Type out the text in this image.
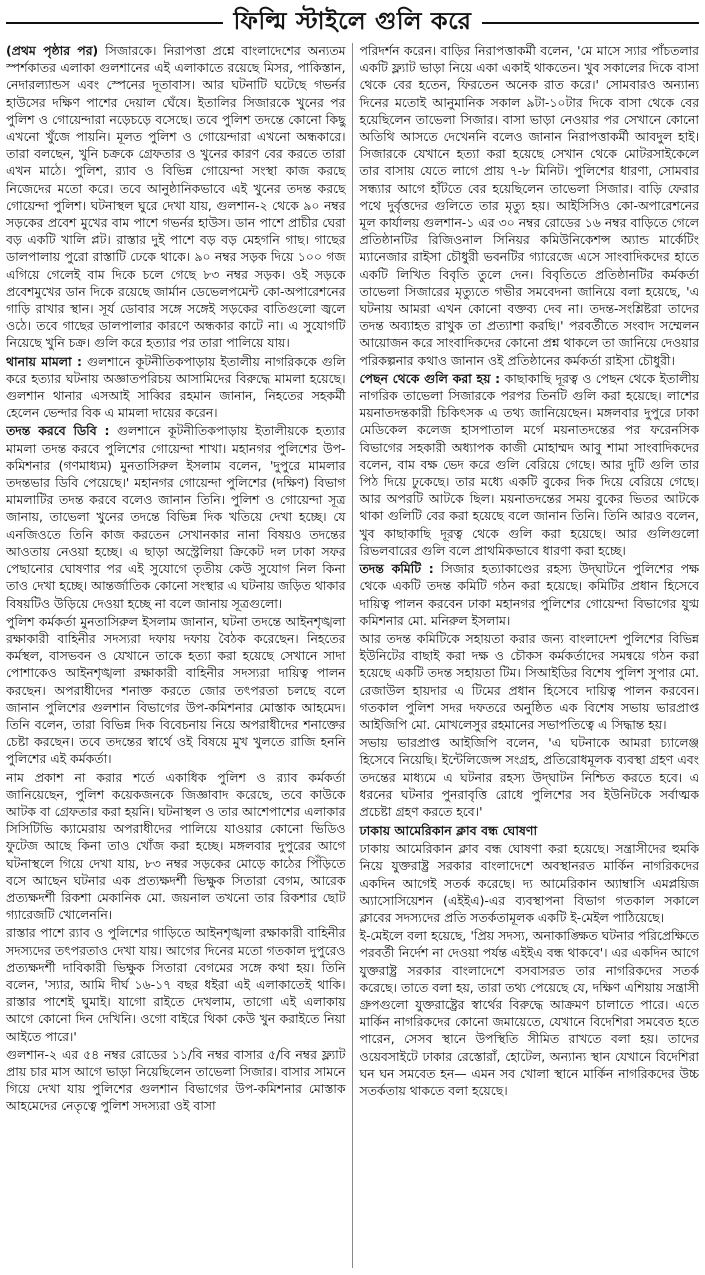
ফিল্মি স্টাইলে গুলি করে

(প্রথম পৃষ্ঠার পর) সিজারকে। নিরাপত্তা প্রশ্নে বাংলাদেশের অন্যতম স্পর্শকাতর এলাকা গুলশানের এই এলাকাতে রয়েছে মিসর, পাকিস্তান, নেদারল্যান্ডস এবং স্পেনের দূতাবাস। আর ঘটনাটি ঘটেছে গভর্নর হাউসের দক্ষিণ পাশের দেয়াল ঘেঁষে। ইতালির সিজারকে খুনের পর পুলিশ ও গোয়েন্দারা নড়েচড়ে বসেছে। তবে পুলিশ তদন্তে কোনো কিছু এখনো খুঁজে পায়নি। মূলত পুলিশ ও গোয়েন্দারা এখনো অন্ধকারে। তারা বলছেন, খুনি চক্রকে গ্রেফতার ও খুনের কারণ বের করতে তারা এখন মাঠে। পুলিশ, র‍্যাব ও বিভিন্ন গোয়েন্দা সংস্থা কাজ করছে নিজেদের মতো করে। তবে আনুষ্ঠানিকভাবে এই খুনের তদন্ত করছে গোয়েন্দা পুলিশ। ঘটনাস্থল ঘুরে দেখা যায়, গুলশান-২ থেকে ৯০ নম্বর সড়কের প্রবেশ মুখের বাম পাশে গভর্নর হাউস। ডান পাশে প্রাচীর ঘেরা বড় একটি খালি প্লট। রাস্তার দুই পাশে বড় বড় মেহগনি গাছ। গাছের ডালপালায় পুরো রাস্তাটি ঢেকে থাকে। ৯০ নম্বর সড়ক দিয়ে ১০০ গজ এগিয়ে গেলেই বাম দিকে চলে গেছে ৮৩ নম্বর সড়ক। ওই সড়কে প্রবেশমুখের ডান দিকে রয়েছে জার্মান ডেভেলপমেন্ট কো-অপারেশনের গাড়ি রাখার স্থান। সূর্য ডোবার সঙ্গে সঙ্গেই সড়কের বাতিগুলো জ্বলে ওঠে। তবে গাছের ডালপালার কারণে অন্ধকার কাটে না। এ সুযোগটি নিয়েছে খুনি চক্র। গুলি করে হত্যার পর তারা পালিয়ে যায়।

থানায় মামলা : গুলশানে কূটনীতিকপাড়ায় ইতালীয় নাগরিককে গুলি করে হত্যার ঘটনায় অজ্ঞাতপরিচয় আসামিদের বিরুদ্ধে মামলা হয়েছে। গুলশান থানার এসআই সাব্বির রহমান জানান, নিহতের সহকর্মী হেলেন ভেন্দার বিক এ মামলা দায়ের করেন।

তদন্ত করবে ডিবি : গুলশানে কূটনীতিকপাড়ায় ইতালীয়কে হত্যার মামলা তদন্ত করবে পুলিশের গোয়েন্দা শাখা। মহানগর পুলিশের উপ-কমিশনার (গণমাধ্যম) মুনতাসিরুল ইসলাম বলেন, 'দুপুরে মামলার তদন্তভার ডিবি পেয়েছে।' মহানগর গোয়েন্দা পুলিশের (দক্ষিণ) বিভাগ মামলাটির তদন্ত করবে বলেও জানান তিনি। পুলিশ ও গোয়েন্দা সূত্র জানায়, তাভেলা খুনের তদন্তে বিভিন্ন দিক খতিয়ে দেখা হচ্ছে। যে এনজিওতে তিনি কাজ করতেন সেখানকার নানা বিষয়ও তদন্তের আওতায় নেওয়া হচ্ছে। এ ছাড়া অস্ট্রেলিয়া ক্রিকেট দল ঢাকা সফর পেছানোর ঘোষণার পর এই সুযোগে তৃতীয় কেউ সুযোগ নিল কিনা তাও দেখা হচ্ছে। আন্তর্জাতিক কোনো সংস্থার এ ঘটনায় জড়িত থাকার বিষয়টিও উড়িয়ে দেওয়া হচ্ছে না বলে জানায় সূত্রগুলো।

পুলিশ কর্মকর্তা মুনতাসিরুল ইসলাম জানান, ঘটনা তদন্তে আইনশৃঙ্খলা রক্ষাকারী বাহিনীর সদস্যরা দফায় দফায় বৈঠক করেছেন। নিহতের কর্মস্থল, বাসভবন ও যেখানে তাকে হত্যা করা হয়েছে সেখানে সাদা পোশাকেও আইনশৃঙ্খলা রক্ষাকারী বাহিনীর সদস্যরা দায়িত্ব পালন করছেন। অপরাধীদের শনাক্ত করতে জোর তৎপরতা চলছে বলে জানান পুলিশের গুলশান বিভাগের উপ-কমিশনার মোস্তাক আহমেদ। তিনি বলেন, তারা বিভিন্ন দিক বিবেচনায় নিয়ে অপরাধীদের শনাক্তের চেষ্টা করছেন। তবে তদন্তের স্বার্থে ওই বিষয়ে মুখ খুলতে রাজি হননি পুলিশের এই কর্মকর্তা।

নাম প্রকাশ না করার শর্তে একাধিক পুলিশ ও র‍্যাব কর্মকর্তা জানিয়েছেন, পুলিশ কয়েকজনকে জিজ্ঞাবাদ করেছে, তবে কাউকে আটক বা গ্রেফতার করা হয়নি। ঘটনাস্থল ও তার আশেপাশের এলাকার সিসিটিভি ক্যামেরায় অপরাধীদের পালিয়ে যাওয়ার কোনো ভিডিও ফুটেজ আছে কিনা তাও খোঁজ করা হচ্ছে। মঙ্গলবার দুপুরের আগে ঘটনাস্থলে গিয়ে দেখা যায়, ৮৩ নম্বর সড়কের মোড়ে কাঠের পিঁড়িতে বসে আছেন ঘটনার এক প্রত্যক্ষদর্শী ভিক্ষুক সিতারা বেগম, আরেক প্রত্যক্ষদর্শী রিকশা মেকানিক মো. জয়নাল তখনো তার রিকশার ছোট গ্যারেজটি খোলেননি।

রাস্তার পাশে র‍্যাব ও পুলিশের গাড়িতে আইনশৃঙ্খলা রক্ষাকারী বাহিনীর সদস্যদের তৎপরতাও দেখা যায়। আগের দিনের মতো গতকাল দুপুরেও প্রত্যক্ষদর্শী দাবিকারী ভিক্ষুক সিতারা বেগমের সঙ্গে কথা হয়। তিনি বলেন, 'স্যার, আমি দীর্ঘ ১৬-১৭ বছর ধইরা এই এলাকাতেই থাকি। রাস্তার পাশেই ঘুমাই। যাগো রাইতে দেখলাম, তাগো এই এলাকায় আগে কোনো দিন দেখিনি। ওগো বাইরে থিকা কেউ খুন করাইতে নিয়া আইতে পারে।'

গুলশান-২ এর ৫৪ নম্বর রোডের ১১/বি নম্বর বাসার ৫/বি নম্বর ফ্ল্যাট প্রায় চার মাস আগে ভাড়া নিয়েছিলেন তাভেলা সিজার। বাসার সামনে গিয়ে দেখা যায় পুলিশের গুলশান বিভাগের উপ-কমিশনার মোস্তাক আহমেদের নেতৃত্বে পুলিশ সদস্যরা ওই বাসা

পরিদর্শন করেন। বাড়ির নিরাপত্তাকর্মী বলেন, 'মে মাসে স্যার পাঁচতলার একটি ফ্ল্যাট ভাড়া নিয়ে একা একাই থাকতেন। খুব সকালের দিকে বাসা থেকে বের হতেন, ফিরতেন অনেক রাত করে।' সোমবারও অন্যান্য দিনের মতোই আনুমানিক সকাল ৯টা-১০টার দিকে বাসা থেকে বের হয়েছিলেন তাভেলা সিজার। বাসা ভাড়া নেওয়ার পর সেখানে কোনো অতিথি আসতে দেখেননি বলেও জানান নিরাপত্তাকর্মী আবদুল হাই। সিজারকে যেখানে হত্যা করা হয়েছে সেখান থেকে মোটরসাইকেলে তার বাসায় যেতে লাগে প্রায় ৭-৮ মিনিট। পুলিশের ধারণা, সোমবার সন্ধ্যার আগে হাঁটতে বের হয়েছিলেন তাভেলা সিজার। বাড়ি ফেরার পথে দুর্বৃত্তদের গুলিতে তার মৃত্যু হয়। আইসিসিও কো-অপারেশনের মূল কার্যালয় গুলশান-১ এর ৩০ নম্বর রোডের ১৬ নম্বর বাড়িতে গেলে প্রতিষ্ঠানটির রিজিওনাল সিনিয়র কমিউনিকেশন্স অ্যান্ড মার্কেটিং ম্যানেজার রাইসা চৌধুরী ভবনটির গ্যারেজে এসে সাংবাদিকদের হাতে একটি লিখিত বিবৃতি তুলে দেন। বিবৃতিতে প্রতিষ্ঠানটির কর্মকর্তা তাভেলা সিজারের মৃত্যুতে গভীর সমবেদনা জানিয়ে বলা হয়েছে, 'এ ঘটনায় আমরা এখন কোনো বক্তব্য দেব না। তদন্ত-সংশ্লিষ্টরা তাদের তদন্ত অব্যাহত রাখুক তা প্রত্যাশা করছি।' পরবর্তীতে সংবাদ সম্মেলন আয়োজন করে সাংবাদিকদের কোনো প্রশ্ন থাকলে তা জানিয়ে দেওয়ার পরিকল্পনার কথাও জানান ওই প্রতিষ্ঠানের কর্মকর্তা রাইসা চৌধুরী।

পেছন থেকে গুলি করা হয় : কাছাকাছি দূরত্ব ও পেছন থেকে ইতালীয় নাগরিক তাভেলা সিজারকে পরপর তিনটি গুলি করা হয়েছে। লাশের ময়নাতদন্তকারী চিকিৎসক এ তথ্য জানিয়েছেন। মঙ্গলবার দুপুরে ঢাকা মেডিকেল কলেজ হাসপাতাল মর্গে ময়নাতদন্তের পর ফরেনসিক বিভাগের সহকারী অধ্যাপক কাজী মোহাম্মদ আবু শামা সাংবাদিকদের বলেন, বাম বক্ষ ভেদ করে গুলি বেরিয়ে গেছে। আর দুটি গুলি তার পিঠ দিয়ে ঢুকেছে। তার মধ্যে একটি বুকের দিক দিয়ে বেরিয়ে গেছে। আর অপরটি আটকে ছিল। ময়নাতদন্তের সময় বুকের ভিতর আটকে থাকা গুলিটি বের করা হয়েছে বলে জানান তিনি। তিনি আরও বলেন, খুব কাছাকাছি দূরত্ব থেকে গুলি করা হয়েছে। আর গুলিগুলো রিভলবারের গুলি বলে প্রাথমিকভাবে ধারণা করা হচ্ছে।

তদন্ত কমিটি : সিজার হত্যাকাণ্ডের রহস্য উদ্‌ঘাটনে পুলিশের পক্ষ থেকে একটি তদন্ত কমিটি গঠন করা হয়েছে। কমিটির প্রধান হিসেবে দায়িত্ব পালন করবেন ঢাকা মহানগর পুলিশের গোয়েন্দা বিভাগের যুগ্ম কমিশনার মো. মনিরুল ইসলাম।

আর তদন্ত কমিটিকে সহায়তা করার জন্য বাংলাদেশ পুলিশের বিভিন্ন ইউনিটের বাছাই করা দক্ষ ও চৌকস কর্মকর্তাদের সমন্বয়ে গঠন করা হয়েছে একটি তদন্ত সহায়তা টিম। সিআইডির বিশেষ পুলিশ সুপার মো. রেজাউল হায়দার এ টিমের প্রধান হিসেবে দায়িত্ব পালন করবেন। গতকাল পুলিশ সদর দফতরে অনুষ্ঠিত এক বিশেষ সভায় ভারপ্রাপ্ত আইজিপি মো. মোখলেসুর রহমানের সভাপতিত্বে এ সিদ্ধান্ত হয়।

সভায় ভারপ্রাপ্ত আইজিপি বলেন, 'এ ঘটনাকে আমরা চ্যালেঞ্জ হিসেবে নিয়েছি। ইন্টেলিজেন্স সংগ্রহ, প্রতিরোধমূলক ব্যবস্থা গ্রহণ এবং তদন্তের মাধ্যমে এ ঘটনার রহস্য উদ্‌ঘাটন নিশ্চিত করতে হবে। এ ধরনের ঘটনার পুনরাবৃত্তি রোধে পুলিশের সব ইউনিটকে সর্বাত্মক প্রচেষ্টা গ্রহণ করতে হবে।'

ঢাকায় আমেরিকান ক্লাব বন্ধ ঘোষণা

ঢাকায় আমেরিকান ক্লাব বন্ধ ঘোষণা করা হয়েছে। সন্ত্রাসীদের হুমকি নিয়ে যুক্তরাষ্ট্র সরকার বাংলাদেশে অবস্থানরত মার্কিন নাগরিকদের একদিন আগেই সতর্ক করেছে। দ্য আমেরিকান অ্যাম্বাসি এমপ্লয়িজ অ্যাসোসিয়েশন (এইইএ)-এর ব্যবস্থাপনা বিভাগ গতকাল সকালে ক্লাবের সদস্যদের প্রতি সতর্কতামূলক একটি ই-মেইল পাঠিয়েছে।

ই-মেইলে বলা হয়েছে, 'প্রিয় সদস্য, অনাকাঙ্ক্ষিত ঘটনার পরিপ্রেক্ষিতে পরবর্তী নির্দেশ না দেওয়া পর্যন্ত এইইএ বন্ধ থাকবে'। এর একদিন আগে যুক্তরাষ্ট্র সরকার বাংলাদেশে বসবাসরত তার নাগরিকদের সতর্ক করেছে। তাতে বলা হয়, তারা তথ্য পেয়েছে যে, দক্ষিণ এশিয়ায় সন্ত্রাসী গ্রুপগুলো যুক্তরাষ্ট্রের স্বার্থের বিরুদ্ধে আক্রমণ চালাতে পারে। এতে মার্কিন নাগরিকদের কোনো জমায়েতে, যেখানে বিদেশিরা সমবেত হতে পারেন, সেসব স্থানে উপস্থিতি সীমিত রাখতে বলা হয়। তাদের ওয়েবসাইটে ঢাকার রেস্তোরাঁ, হোটেল, অন্যান্য স্থান যেখানে বিদেশিরা ঘন ঘন সমবেত হন— এমন সব খোলা স্থানে মার্কিন নাগরিকদের উচ্চ সতর্কতায় থাকতে বলা হয়েছে।
